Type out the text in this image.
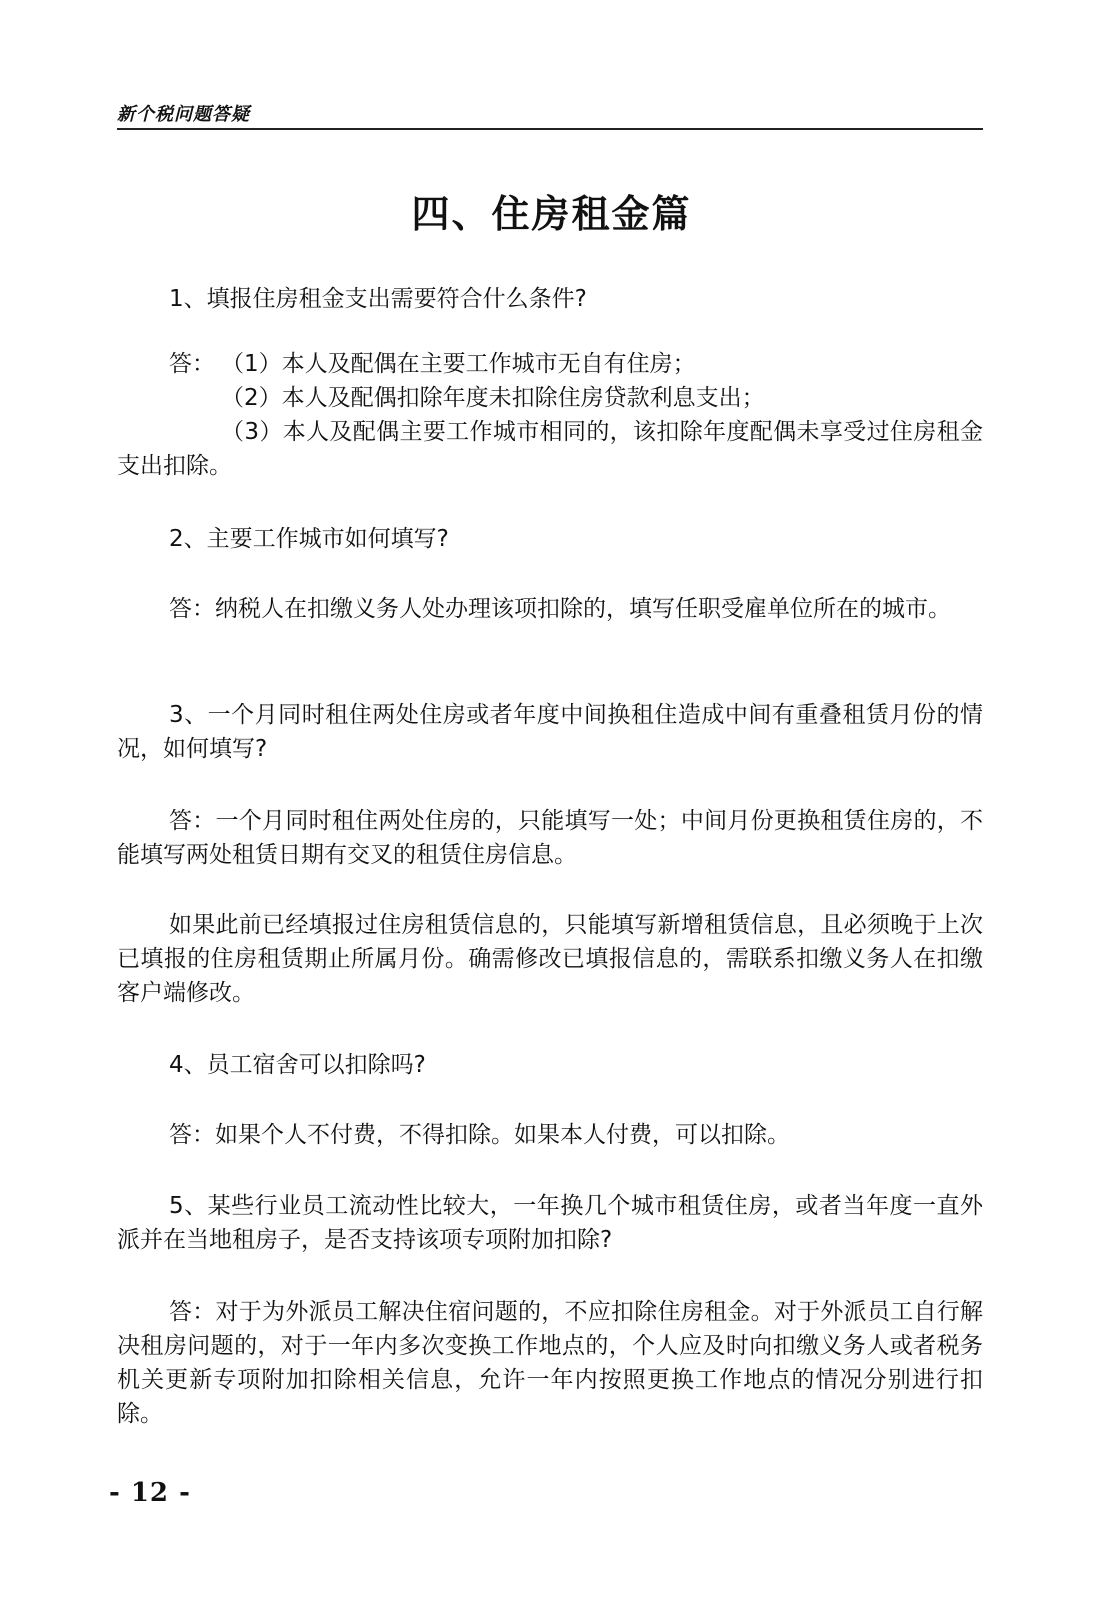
新个税问题答疑
四、住房租金篇

1、填报住房租金支出需要符合什么条件?

答： （1）本人及配偶在主要工作城市无自有住房；
（2）本人及配偶扣除年度未扣除住房贷款利息支出；

（3）本人及配偶主要工作城市相同的，该扣除年度配偶未享受过住房租金支出扣除。

2、主要工作城市如何填写?

答：纳税人在扣缴义务人处办理该项扣除的，填写任职受雇单位所在的城市。

3、一个月同时租住两处住房或者年度中间换租住造成中间有重叠租赁月份的情况，如何填写?

答：一个月同时租住两处住房的，只能填写一处；中间月份更换租赁住房的，不能填写两处租赁日期有交叉的租赁住房信息。

如果此前已经填报过住房租赁信息的，只能填写新增租赁信息，且必须晚于上次已填报的住房租赁期止所属月份。确需修改已填报信息的，需联系扣缴义务人在扣缴客户端修改。

4、员工宿舍可以扣除吗?

答：如果个人不付费，不得扣除。如果本人付费，可以扣除。

5、某些行业员工流动性比较大，一年换几个城市租赁住房，或者当年度一直外派并在当地租房子，是否支持该项专项附加扣除?

答：对于为外派员工解决住宿问题的，不应扣除住房租金。对于外派员工自行解决租房问题的，对于一年内多次变换工作地点的，个人应及时向扣缴义务人或者税务机关更新专项附加扣除相关信息，允许一年内按照更换工作地点的情况分别进行扣除。

- 12 -
